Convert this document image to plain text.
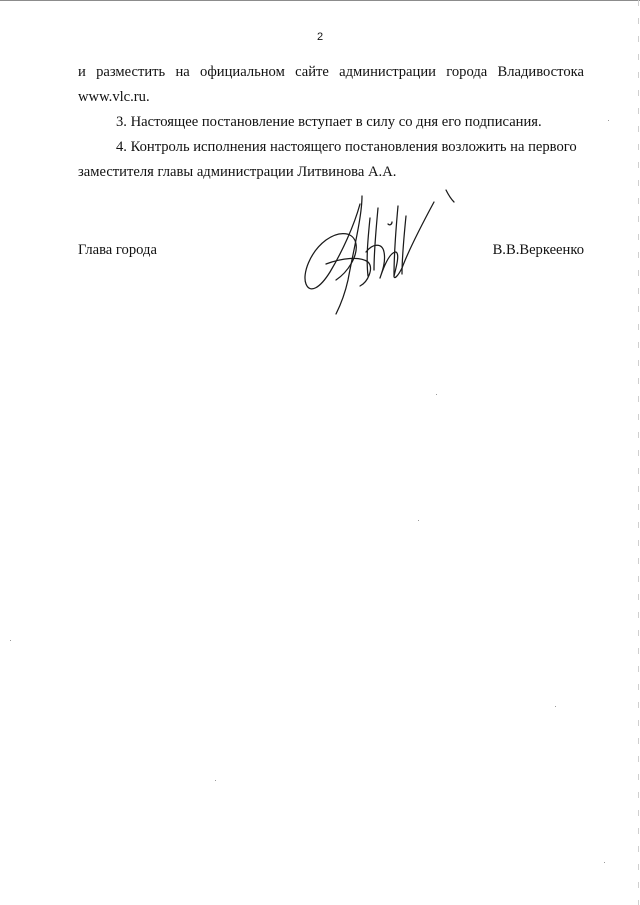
2
и разместить на официальном сайте администрации города Владивостока
www.vlc.ru.
3. Настоящее постановление вступает в силу со дня его подписания.
4. Контроль исполнения настоящего постановления возложить на первого
заместителя главы администрации Литвинова А.А.
Глава города	В.В.Веркеенко
